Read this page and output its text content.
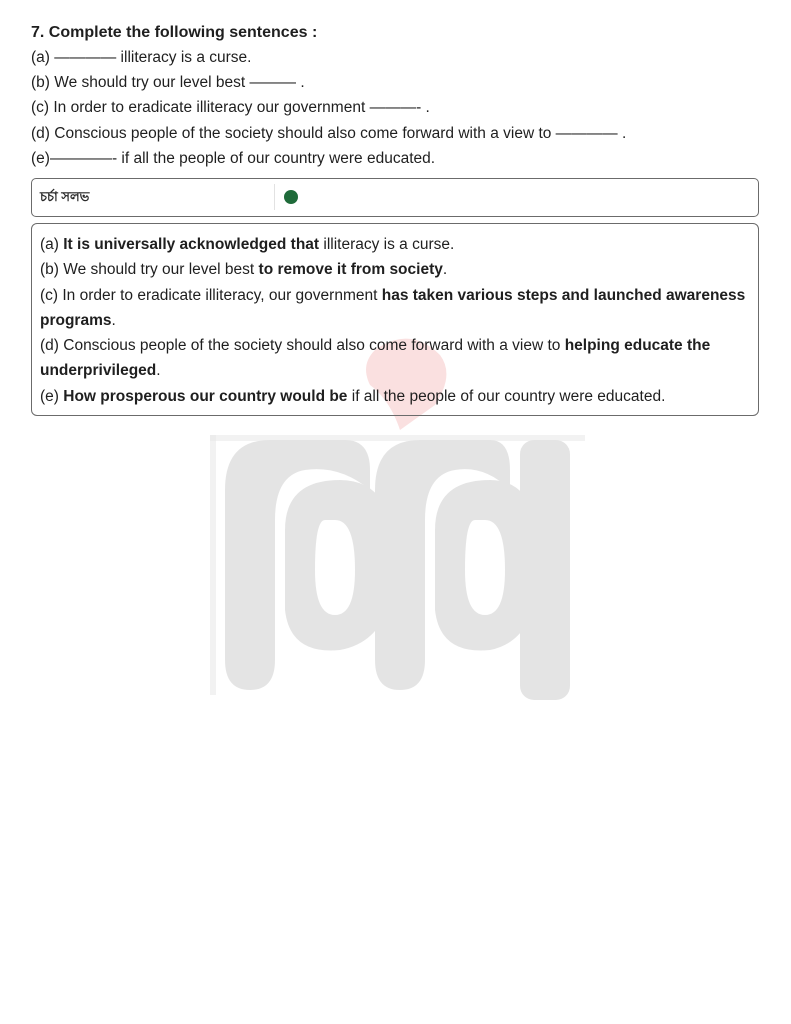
7. Complete the following sentences :

(a) ———— illiteracy is a curse.

(b) We should try our level best ——— .

(c) In order to eradicate illiteracy our government ———- .

(d) Conscious people of the society should also come forward with a view to ———— .

(e)————- if all the people of our country were educated.

চর্চা সলভ

(a) It is universally acknowledged that illiteracy is a curse.

(b) We should try our level best to remove it from society.

(c) In order to eradicate illiteracy, our government has taken various steps and launched awareness programs.

(d) Conscious people of the society should also come forward with a view to helping educate the underprivileged.

(e) How prosperous our country would be if all the people of our country were educated.
